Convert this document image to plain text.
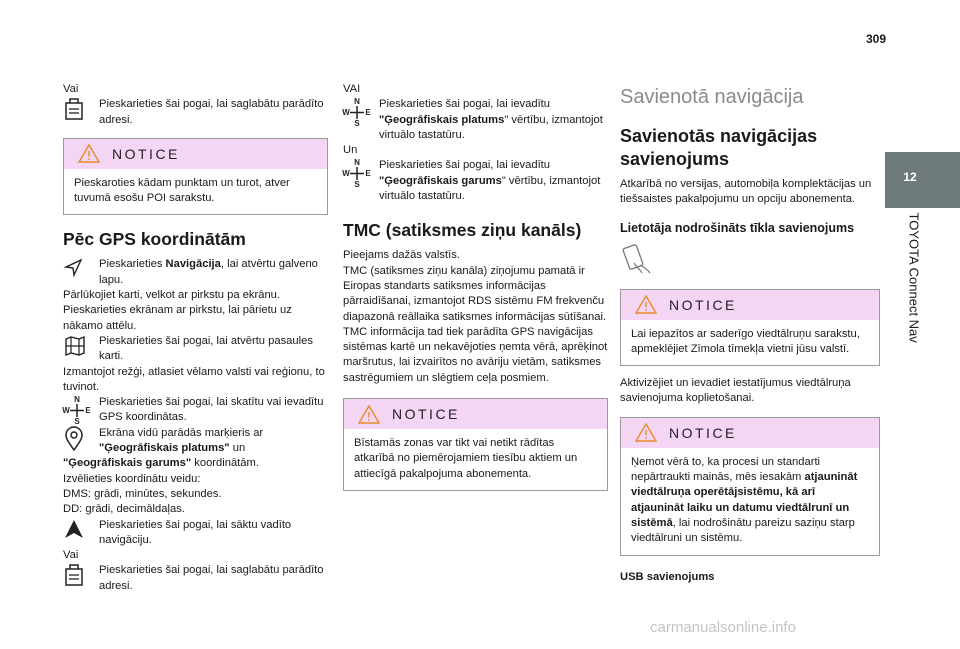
309
12
TOYOTA Connect Nav
Vai
Pieskarieties šai pogai, lai saglabātu parādīto adresi.
NOTICE
Pieskaroties kādam punktam un turot, atver tuvumā esošu POI sarakstu.
Pēc GPS koordinātām
Pieskarieties Navigācija, lai atvērtu galveno lapu.
Pārlūkojiet karti, velkot ar pirkstu pa ekrānu.
Pieskarieties ekrānam ar pirkstu, lai pārietu uz nākamo attēlu.
Pieskarieties šai pogai, lai atvērtu pasaules karti.
Izmantojot režģi, atlasiet vēlamo valsti vai reģionu, to tuvinot.
N
S
W E
Pieskarieties šai pogai, lai skatītu vai ievadītu GPS koordinātas.
Ekrāna vidū parādās marķieris ar
"Ģeogrāfiskais platums" un
"Ģeogrāfiskais garums" koordinātām.
Izvēlieties koordinātu veidu:
DMS: grādi, minūtes, sekundes.
DD: grādi, decimāldaļas.
Pieskarieties šai pogai, lai sāktu vadīto navigāciju.
Vai
Pieskarieties šai pogai, lai saglabātu parādīto adresi.
VAI
N
S
W E
Pieskarieties šai pogai, lai ievadītu "Ģeogrāfiskais platums" vērtību, izmantojot virtuālo tastatūru.
Un
N
S
W E
Pieskarieties šai pogai, lai ievadītu "Ģeogrāfiskais garums" vērtību, izmantojot virtuālo tastatūru.
TMC (satiksmes ziņu kanāls)
Pieejams dažās valstīs.
TMC (satiksmes ziņu kanāla) ziņojumu pamatā ir Eiropas standarts satiksmes informācijas pārraidīšanai, izmantojot RDS sistēmu FM frekvenču diapazonā reāllaika satiksmes informācijas sūtīšanai.
TMC informācija tad tiek parādīta GPS navigācijas sistēmas kartē un nekavējoties ņemta vērā, aprēķinot maršrutus, lai izvairītos no avāriju vietām, satiksmes sastrēgumiem un slēgtiem ceļa posmiem.
NOTICE
Bīstamās zonas var tikt vai netikt rādītas atkarībā no piemērojamiem tiesību aktiem un attiecīgā pakalpojuma abonementa.
Savienotā navigācija
Savienotās navigācijas savienojums
Atkarībā no versijas, automobiļa komplektācijas un tiešsaistes pakalpojumu un opciju abonementa.
Lietotāja nodrošināts tīkla savienojums
NOTICE
Lai iepazītos ar saderīgo viedtālruņu sarakstu, apmeklējiet Zīmola tīmekļa vietni jūsu valstī.
Aktivizējiet un ievadiet iestatījumus viedtālruņa savienojuma koplietošanai.
NOTICE
Ņemot vērā to, ka procesi un standarti nepārtraukti mainās, mēs iesakām atjaunināt viedtālruņa operētājsistēmu, kā arī atjaunināt laiku un datumu viedtālrunī un sistēmā, lai nodrošinātu pareizu saziņu starp viedtālruni un sistēmu.
USB savienojums
carmanualsonline.info
